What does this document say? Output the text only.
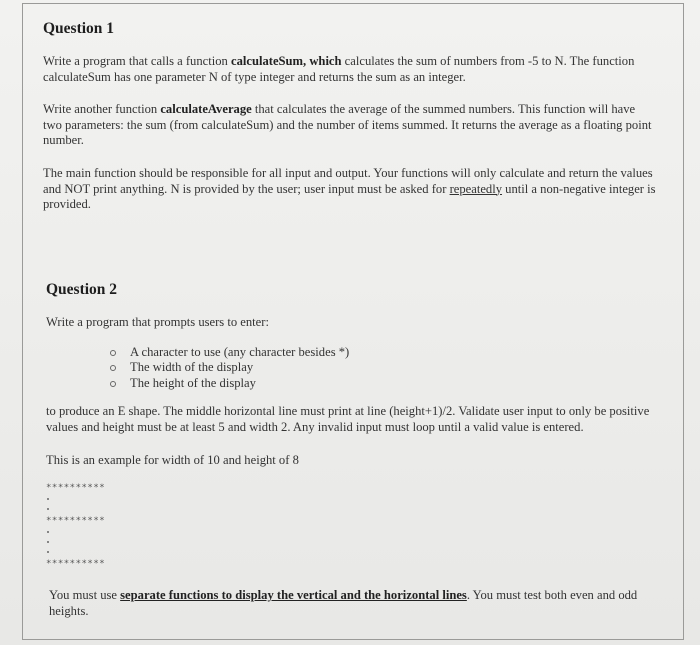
Question 1

Write a program that calls a function calculateSum, which calculates the sum of numbers from -5 to N. The function calculateSum has one parameter N of type integer and returns the sum as an integer.

Write another function calculateAverage that calculates the average of the summed numbers. This function will have two parameters: the sum (from calculateSum) and the number of items summed. It returns the average as a floating point number.

The main function should be responsible for all input and output. Your functions will only calculate and return the values and NOT print anything. N is provided by the user; user input must be asked for repeatedly until a non-negative integer is provided.

Question 2

Write a program that prompts users to enter:

A character to use (any character besides *)
The width of the display
The height of the display

to produce an E shape. The middle horizontal line must print at line (height+1)/2. Validate user input to only be positive values and height must be at least 5 and width 2. Any invalid input must loop until a valid value is entered.

This is an example for width of 10 and height of 8

**********
**********
**********

You must use separate functions to display the vertical and the horizontal lines. You must test both even and odd heights.
